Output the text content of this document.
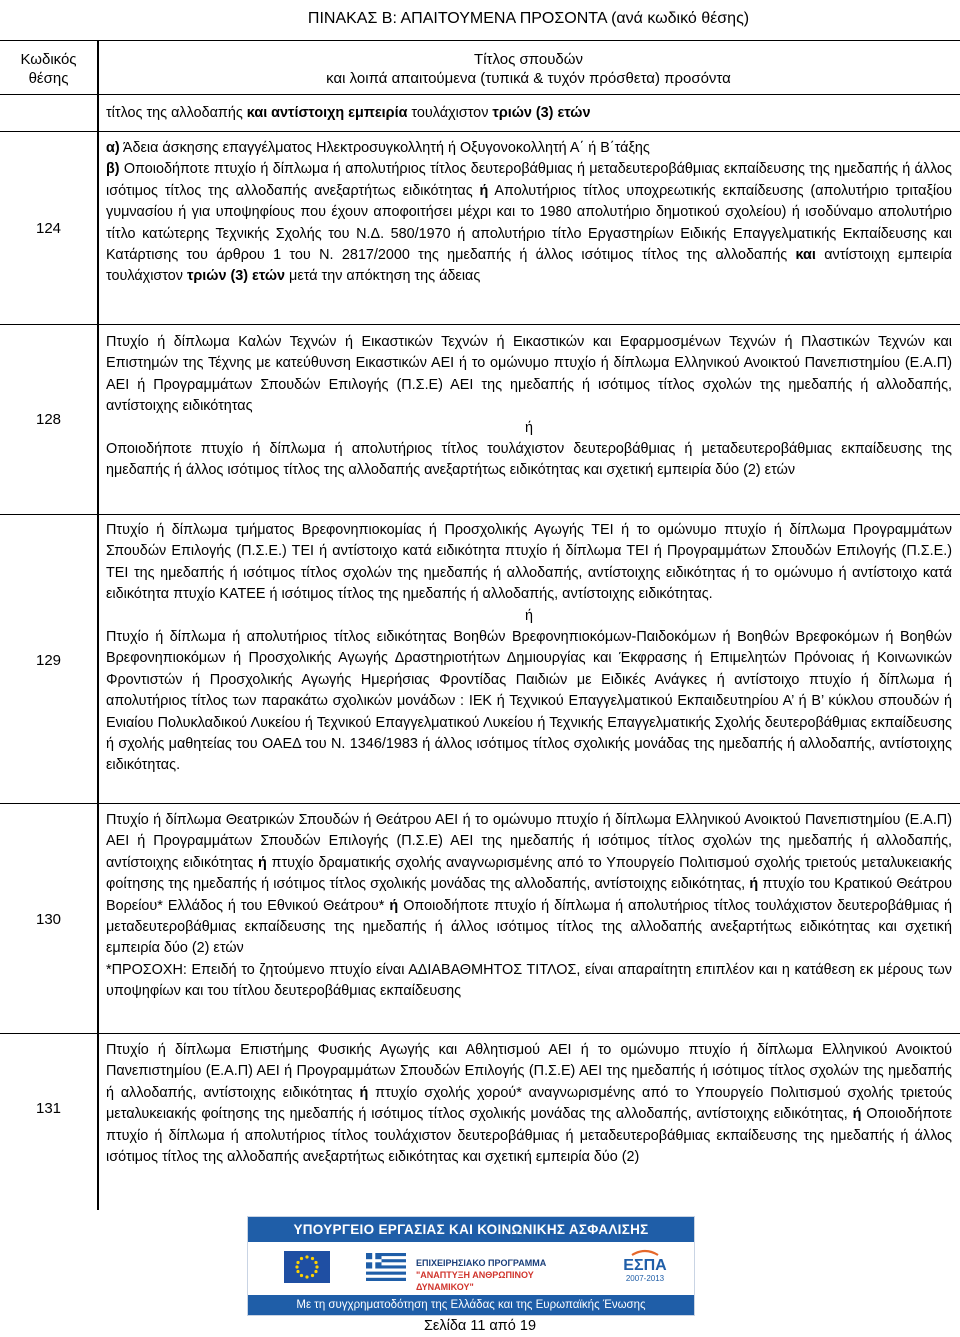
ΠΙΝΑΚΑΣ Β: ΑΠΑΙΤΟΥΜΕΝΑ ΠΡΟΣΟΝΤΑ (ανά κωδικό θέσης)
Κωδικός
θέσης
Τίτλος σπουδών
και λοιπά απαιτούμενα (τυπικά & τυχόν πρόσθετα) προσόντα
τίτλος της αλλοδαπής και αντίστοιχη εμπειρία τουλάχιστον τριών (3) ετών
124

α) Άδεια άσκησης επαγγέλματος Ηλεκτροσυγκολλητή ή Οξυγονοκολλητή Α΄ ή Β΄τάξης

β) Οποιοδήποτε πτυχίο ή δίπλωμα ή απολυτήριος τίτλος δευτεροβάθμιας ή μεταδευτεροβάθμιας εκπαίδευσης της ημεδαπής ή άλλος ισότιμος τίτλος της αλλοδαπής ανεξαρτήτως ειδικότητας ή Απολυτήριος τίτλος υποχρεωτικής εκπαίδευσης (απολυτήριο τριταξίου γυμνασίου ή για υποψηφίους που έχουν αποφοιτήσει μέχρι και το 1980 απολυτήριο δημοτικού σχολείου) ή ισοδύναμο απολυτήριο τίτλο κατώτερης Τεχνικής Σχολής του Ν.Δ. 580/1970 ή απολυτήριο τίτλο Εργαστηρίων Ειδικής Επαγγελματικής Εκπαίδευσης και Κατάρτισης του άρθρου 1 του Ν. 2817/2000 της ημεδαπής ή άλλος ισότιμος τίτλος της αλλοδαπής και αντίστοιχη εμπειρία τουλάχιστον τριών (3) ετών μετά την απόκτηση της άδειας

128

Πτυχίο ή δίπλωμα Καλών Τεχνών ή Εικαστικών Τεχνών ή Εικαστικών και Εφαρμοσμένων Τεχνών ή Πλαστικών Τεχνών και Επιστημών της Τέχνης με κατεύθυνση Εικαστικών ΑΕΙ ή το ομώνυμο πτυχίο ή δίπλωμα Ελληνικού Ανοικτού Πανεπιστημίου (Ε.Α.Π) ΑΕΙ ή Προγραμμάτων Σπουδών Επιλογής (Π.Σ.Ε) ΑΕΙ της ημεδαπής ή ισότιμος τίτλος σχολών της ημεδαπής ή αλλοδαπής, αντίστοιχης ειδικότητας

ή

Οποιοδήποτε πτυχίο ή δίπλωμα ή απολυτήριος τίτλος τουλάχιστον δευτεροβάθμιας ή μεταδευτεροβάθμιας εκπαίδευσης της ημεδαπής ή άλλος ισότιμος τίτλος της αλλοδαπής ανεξαρτήτως ειδικότητας και σχετική εμπειρία δύο (2) ετών

129

Πτυχίο ή δίπλωμα τμήματος Βρεφονηπιοκομίας ή Προσχολικής Αγωγής ΤΕΙ ή το ομώνυμο πτυχίο ή δίπλωμα Προγραμμάτων Σπουδών Επιλογής (Π.Σ.Ε.) ΤΕΙ ή αντίστοιχο κατά ειδικότητα πτυχίο ή δίπλωμα ΤΕΙ ή Προγραμμάτων Σπουδών Επιλογής (Π.Σ.Ε.) ΤΕΙ της ημεδαπής ή ισότιμος τίτλος σχολών της ημεδαπής ή αλλοδαπής, αντίστοιχης ειδικότητας ή το ομώνυμο ή αντίστοιχο κατά ειδικότητα πτυχίο ΚΑΤΕΕ ή ισότιμος τίτλος της ημεδαπής ή αλλοδαπής, αντίστοιχης ειδικότητας.

ή

Πτυχίο ή δίπλωμα ή απολυτήριος τίτλος ειδικότητας Βοηθών Βρεφονηπιοκόμων-Παιδοκόμων ή Βοηθών Βρεφοκόμων ή Βοηθών Βρεφονηπιοκόμων ή Προσχολικής Αγωγής Δραστηριοτήτων Δημιουργίας και Έκφρασης ή Επιμελητών Πρόνοιας ή Κοινωνικών Φροντιστών ή Προσχολικής Αγωγής Ημερήσιας Φροντίδας Παιδιών με Ειδικές Ανάγκες ή αντίστοιχο πτυχίο ή δίπλωμα ή απολυτήριος τίτλος των παρακάτω σχολικών μονάδων : ΙΕΚ ή Τεχνικού Επαγγελματικού Εκπαιδευτηρίου Α’ ή Β’ κύκλου σπουδών ή Ενιαίου Πολυκλαδικού Λυκείου ή Τεχνικού Επαγγελματικού Λυκείου ή Τεχνικής Επαγγελματικής Σχολής δευτεροβάθμιας εκπαίδευσης ή σχολής μαθητείας του ΟΑΕΔ του Ν. 1346/1983 ή άλλος ισότιμος τίτλος σχολικής μονάδας της ημεδαπής ή αλλοδαπής, αντίστοιχης ειδικότητας.

130

Πτυχίο ή δίπλωμα Θεατρικών Σπουδών ή Θεάτρου ΑΕΙ ή το ομώνυμο πτυχίο ή δίπλωμα Ελληνικού Ανοικτού Πανεπιστημίου (Ε.Α.Π) ΑΕΙ ή Προγραμμάτων Σπουδών Επιλογής (Π.Σ.Ε) ΑΕΙ της ημεδαπής ή ισότιμος τίτλος σχολών της ημεδαπής ή αλλοδαπής, αντίστοιχης ειδικότητας ή πτυχίο δραματικής σχολής αναγνωρισμένης από το Υπουργείο Πολιτισμού σχολής τριετούς μεταλυκειακής φοίτησης της ημεδαπής ή ισότιμος τίτλος σχολικής μονάδας της αλλοδαπής, αντίστοιχης ειδικότητας, ή πτυχίο του Κρατικού Θεάτρου Βορείου* Ελλάδος ή του Εθνικού Θεάτρου* ή Οποιοδήποτε πτυχίο ή δίπλωμα ή απολυτήριος τίτλος τουλάχιστον δευτεροβάθμιας ή μεταδευτεροβάθμιας εκπαίδευσης της ημεδαπής ή άλλος ισότιμος τίτλος της αλλοδαπής ανεξαρτήτως ειδικότητας και σχετική εμπειρία δύο (2) ετών

*ΠΡΟΣΟΧΗ: Επειδή το ζητούμενο πτυχίο είναι ΑΔΙΑΒΑΘΜΗΤΟΣ ΤΙΤΛΟΣ, είναι απαραίτητη επιπλέον και η κατάθεση εκ μέρους των υποψηφίων και του τίτλου δευτεροβάθμιας εκπαίδευσης

131

Πτυχίο ή δίπλωμα Επιστήμης Φυσικής Αγωγής και Αθλητισμού ΑΕΙ ή το ομώνυμο πτυχίο ή δίπλωμα Ελληνικού Ανοικτού Πανεπιστημίου (Ε.Α.Π) ΑΕΙ ή Προγραμμάτων Σπουδών Επιλογής (Π.Σ.Ε) ΑΕΙ της ημεδαπής ή ισότιμος τίτλος σχολών της ημεδαπής ή αλλοδαπής, αντίστοιχης ειδικότητας ή πτυχίο σχολής χορού* αναγνωρισμένης από το Υπουργείο Πολιτισμού σχολής τριετούς μεταλυκειακής φοίτησης της ημεδαπής ή ισότιμος τίτλος σχολικής μονάδας της αλλοδαπής, αντίστοιχης ειδικότητας, ή Οποιοδήποτε πτυχίο ή δίπλωμα ή απολυτήριος τίτλος τουλάχιστον δευτεροβάθμιας ή μεταδευτεροβάθμιας εκπαίδευσης της ημεδαπής ή άλλος ισότιμος τίτλος της αλλοδαπής ανεξαρτήτως ειδικότητας και σχετική εμπειρία δύο (2)

ΥΠΟΥΡΓΕΙΟ ΕΡΓΑΣΙΑΣ ΚΑΙ ΚΟΙΝΩΝΙΚΗΣ ΑΣΦΑΛΙΣΗΣ
ΕΠΙΧΕΙΡΗΣΙΑΚΟ ΠΡΟΓΡΑΜΜΑ
"ΑΝΑΠΤΥΞΗ ΑΝΘΡΩΠΙΝΟΥ ΔΥΝΑΜΙΚΟΥ"
ΕΣΠΑ
2007-2013
Με τη συγχρηματοδότηση της Ελλάδας και της Ευρωπαϊκής Ένωσης
Σελίδα 11 από 19
